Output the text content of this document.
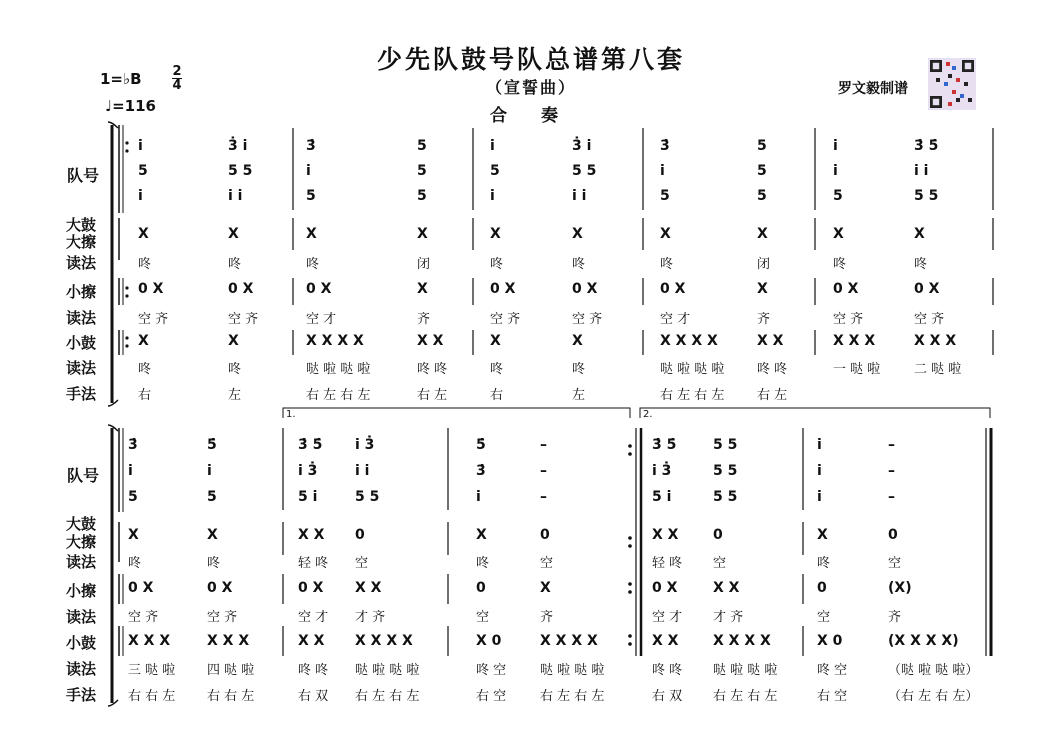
少先队鼓号队总谱第八套
（宣誓曲）
合 奏
1=♭B 2
4
♩=116
罗文毅制谱
队号
大鼓
大擦
读法
小擦
读法
小鼓
读法
手法
队号
大鼓
大擦
读法
小擦
读法
小鼓
读法
手法
1.	2.
i	3̇ i	3̇	5	i	3̇ i	3̇	5	i	3̇ 5̇
5	5 5	i	5	5	5 5	i	5	i	i i
i	i i	5	5	i	i i	5	5	5	5 5
X	X	X	X	X	X	X	X	X	X
咚	咚	咚	闭	咚	咚	咚	闭	咚	咚
0 X	0 X	0 X	X	0 X	0 X	0 X	X	0 X	0 X
空 齐	空 齐	空 才	齐	空 齐	空 齐	空 才	齐	空 齐	空 齐
X	X	X X X X	X X	X	X	X X X X	X X	X X X	X X X
咚	咚	哒 啦 哒 啦	咚 咚	咚	咚	哒 啦 哒 啦	咚 咚	一 哒 啦	二 哒 啦
右	左	右 左 右 左	右 左	右	左	右 左 右 左	右 左
3̇	5̇	3̇ 5̇ i 3̇	5̇	–	3̇ 5̇	5 5	i	–
i	i	i 3̇	i i	3̇	–	i 3̇	5 5	i	–
5	5	5 i	5 5	i	–	5 i	5 5	i	–
X	X	X X 0	X	0	X X 0	X	0
咚	咚	轻 咚 空	咚	空	轻 咚 空	咚	空
0 X	0 X	0 X X X	0	X	0 X	X X	0	(X)
空 齐	空 齐	空 才 才 齐	空	齐	空 才 才 齐	空	齐
X X X	X X X	X X X X X X	X 0	X X X X	X X X X X X	X 0	(X X X X)
三 哒 啦 四 哒 啦	咚 咚 哒 啦 哒 啦	咚 空	哒 啦 哒 啦	咚 咚 哒 啦 哒 啦	咚 空	（哒 啦 哒 啦）
右 右 左 右 右 左	右 双 右 左 右 左	右 空	右 左 右 左	右 双 右 左 右 左	右 空	（右 左 右 左）
